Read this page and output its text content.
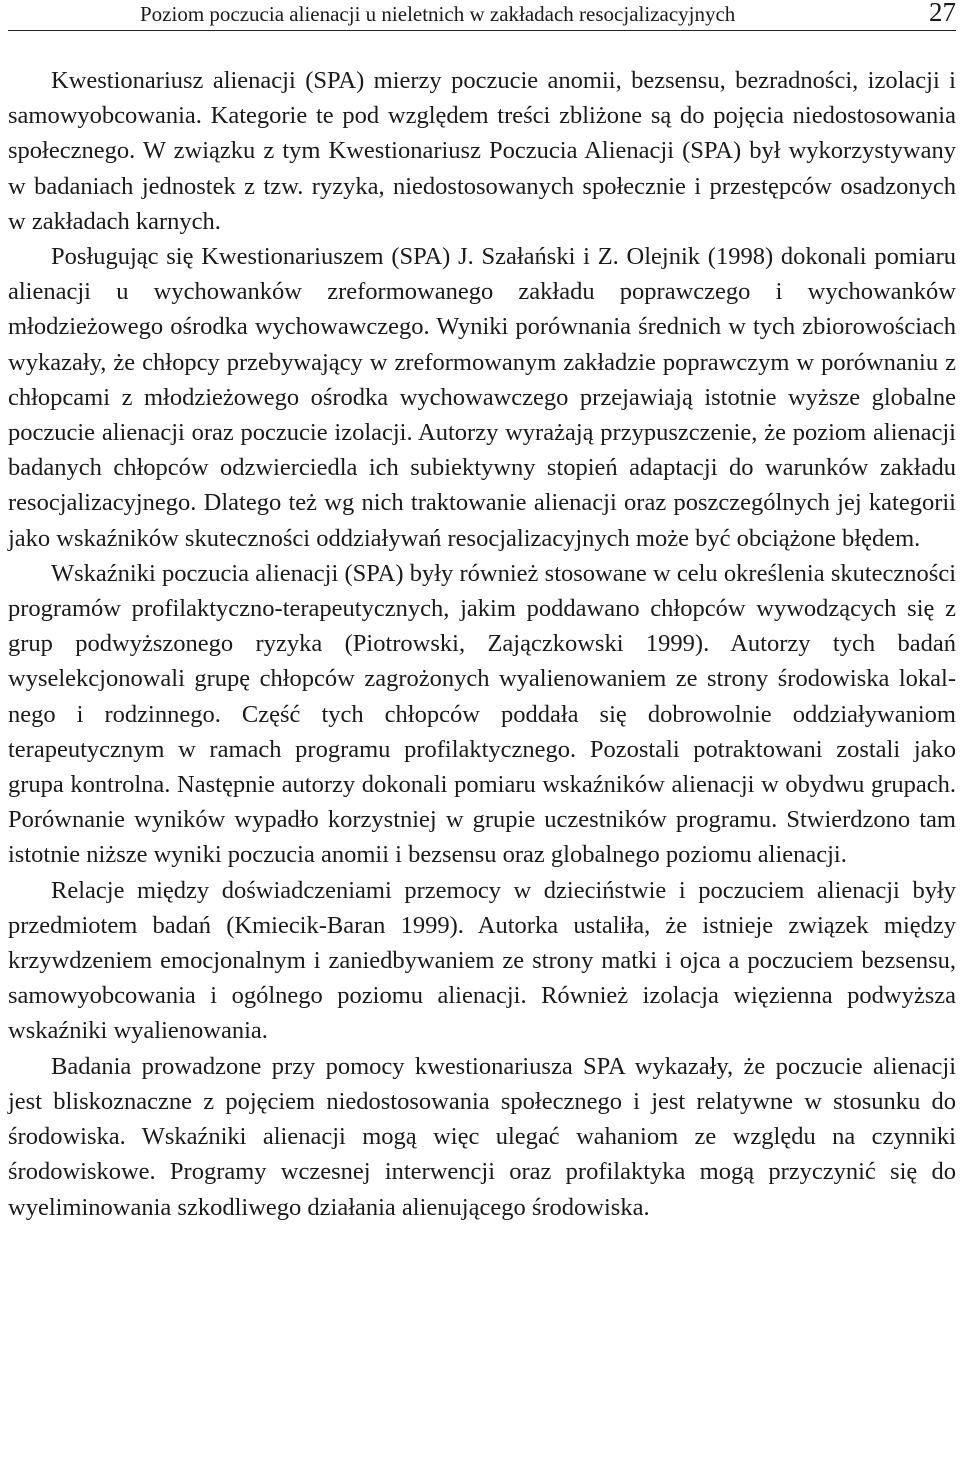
Poziom poczucia alienacji u nieletnich w zakładach resocjalizacyjnych	27

Kwestionariusz alienacji (SPA) mierzy poczucie anomii, bezsensu, bezradności, izolacji i samowyobcowania. Kategorie te pod względem treści zbliżone są do pojęcia niedostosowania społecznego. W związku z tym Kwestionariusz Poczucia Alienacji (SPA) był wykorzystywany w badaniach jednostek z tzw. ryzyka, niedostosowanych społecznie i przestępców osadzonych w zakładach karnych.

Posługując się Kwestionariuszem (SPA) J. Szałański i Z. Olejnik (1998) dokonali pomiaru alienacji u wychowanków zreformowanego zakładu poprawczego i wychowanków młodzieżowego ośrodka wychowawczego. Wyniki porównania średnich w tych zbiorowościach wykazały, że chłopcy przebywający w zreformowanym zakładzie poprawczym w porównaniu z chłopcami z młodzieżowego ośrodka wychowawczego przejawiają istotnie wyższe globalne poczucie alienacji oraz poczucie izolacji. Autorzy wyrażają przypuszczenie, że poziom alienacji badanych chłopców odzwierciedla ich subiektywny stopień adaptacji do warunków zakładu resocjalizacyjnego. Dlatego też wg nich traktowanie alienacji oraz poszczególnych jej kategorii jako wskaźników skuteczności oddziaływań resocjalizacyjnych może być obciążone błędem.

Wskaźniki poczucia alienacji (SPA) były również stosowane w celu określenia skuteczności programów profilaktyczno-terapeutycznych, jakim poddawano chłopców wywodzących się z grup podwyższonego ryzyka (Piotrowski, Zajączkowski 1999). Autorzy tych badań wyselekcjonowali grupę chłopców zagrożonych wyalienowaniem ze strony środowiska lokalnego i rodzinnego. Część tych chłopców poddała się dobrowolnie oddziaływaniom terapeutycznym w ramach programu profilaktycznego. Pozostali potraktowani zostali jako grupa kontrolna. Następnie autorzy dokonali pomiaru wskaźników alienacji w obydwu grupach. Porównanie wyników wypadło korzystniej w grupie uczestników programu. Stwierdzono tam istotnie niższe wyniki poczucia anomii i bezsensu oraz globalnego poziomu alienacji.

Relacje między doświadczeniami przemocy w dzieciństwie i poczuciem alienacji były przedmiotem badań (Kmiecik-Baran 1999). Autorka ustaliła, że istnieje związek między krzywdzeniem emocjonalnym i zaniedbywaniem ze strony matki i ojca a poczuciem bezsensu, samowyobcowania i ogólnego poziomu alienacji. Również izolacja więzienna podwyższa wskaźniki wyalienowania.

Badania prowadzone przy pomocy kwestionariusza SPA wykazały, że poczucie alienacji jest bliskoznaczne z pojęciem niedostosowania społecznego i jest relatywne w stosunku do środowiska. Wskaźniki alienacji mogą więc ulegać wahaniom ze względu na czynniki środowiskowe. Programy wczesnej interwencji oraz profilaktyka mogą przyczynić się do wyeliminowania szkodliwego działania alienującego środowiska.
